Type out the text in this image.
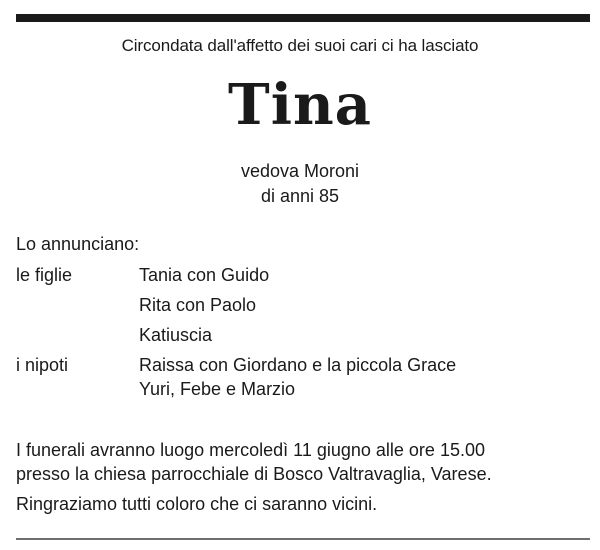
Circondata dall'affetto dei suoi cari ci ha lasciato
Tina
vedova Moroni
di anni 85
Lo annunciano:
le figlie	Tania con Guido
Rita con Paolo
Katiuscia
i nipoti	Raissa con Giordano e la piccola Grace
Yuri, Febe e Marzio
I funerali avranno luogo mercoledì 11 giugno alle ore 15.00
presso la chiesa parrocchiale di Bosco Valtravaglia, Varese.
Ringraziamo tutti coloro che ci saranno vicini.
